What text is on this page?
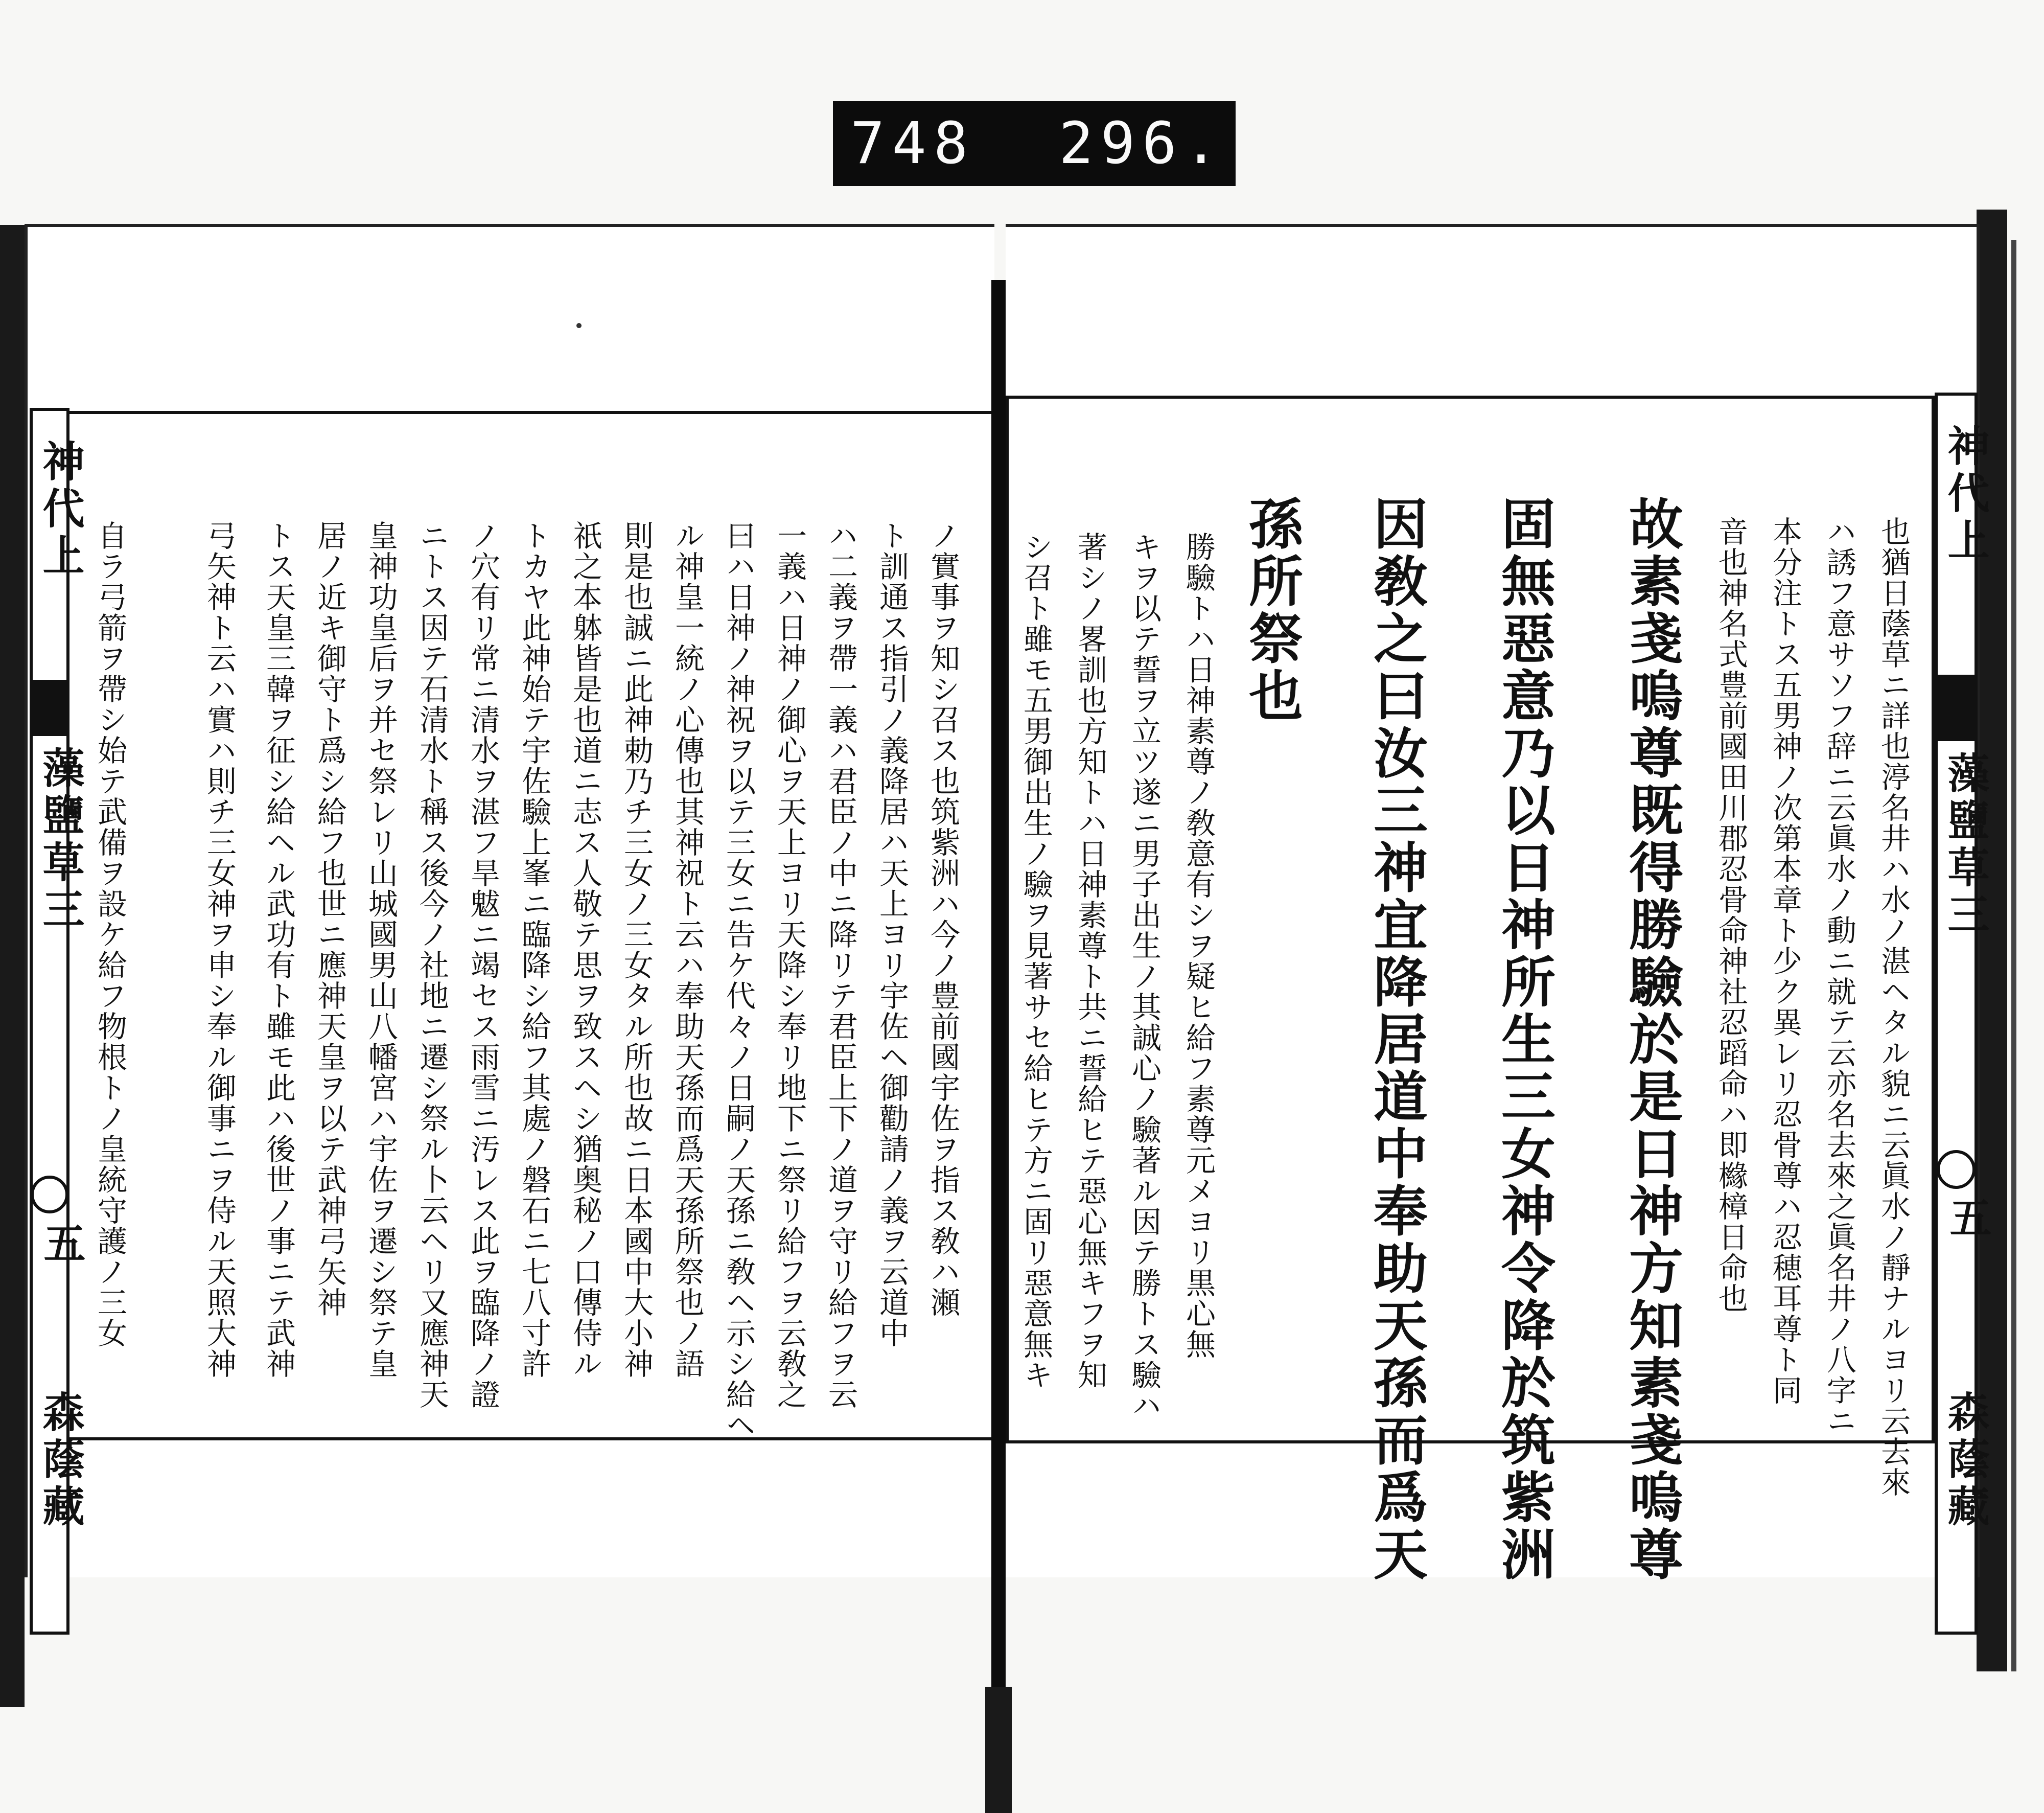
748 296.
神代上
藻鹽草三
五
森蔭藏
ノ實事ヲ知シ召ス也筑紫洲ハ今ノ豊前國宇佐ヲ指ス敎ハ瀬
ト訓通ス指引ノ義降居ハ天上ヨリ宇佐ヘ御勸請ノ義ヲ云道中
ハ二義ヲ帶一義ハ君臣ノ中ニ降リテ君臣上下ノ道ヲ守リ給フヲ云
一義ハ日神ノ御心ヲ天上ヨリ天降シ奉リ地下ニ祭リ給フヲ云敎之
曰ハ日神ノ神祝ヲ以テ三女ニ告ケ代々ノ日嗣ノ天孫ニ敎ヘ示シ給ヘ
ル神皇一統ノ心傳也其神祝ト云ハ奉助天孫而爲天孫所祭也ノ語
則是也誠ニ此神勅乃チ三女ノ三女タル所也故ニ日本國中大小神
祇之本躰皆是也道ニ志ス人敬テ思ヲ致スヘシ猶奥秘ノ口傳侍ル
トカヤ此神始テ宇佐驗上峯ニ臨降シ給フ其處ノ磐石ニ七八寸許
ノ穴有リ常ニ清水ヲ湛フ旱魃ニ竭セス雨雪ニ汚レス此ヲ臨降ノ證
ニトス因テ石清水ト稱ス後今ノ社地ニ遷シ祭ル卜云ヘリ又應神天
皇神功皇后ヲ并セ祭レリ山城國男山八幡宮ハ宇佐ヲ遷シ祭テ皇
居ノ近キ御守ト爲シ給フ也世ニ應神天皇ヲ以テ武神弓矢神
トス天皇三韓ヲ征シ給ヘル武功有ト雖モ此ハ後世ノ事ニテ武神
弓矢神ト云ハ實ハ則チ三女神ヲ申シ奉ル御事ニヲ侍ル天照大神
自ラ弓箭ヲ帶シ始テ武備ヲ設ケ給フ物根トノ皇統守護ノ三女
神代上
藻鹽草三
五
森蔭藏
也猶日蔭草ニ詳也渟名井ハ水ノ湛ヘタル貌ニ云眞水ノ靜ナルヨリ云去來
ハ誘フ意サソフ辞ニ云眞水ノ動ニ就テ云亦名去來之眞名井ノ八字ニ
本分注トス五男神ノ次第本章ト少ク異レリ忍骨尊ハ忍穂耳尊ト同
音也神名式豊前國田川郡忍骨命神社忍蹈命ハ即櫞樟日命也
故素戔嗚尊既得勝驗於是日神方知素戔嗚尊
固無惡意乃以日神所生三女神令降於筑紫洲
因敎之曰汝三神宜降居道中奉助天孫而爲天
孫所祭也
勝驗トハ日神素尊ノ敎意有シヲ疑ヒ給フ素尊元メヨリ黒心無
キヲ以テ誓ヲ立ツ遂ニ男子出生ノ其誠心ノ驗著ル因テ勝トス驗ハ
著シノ畧訓也方知トハ日神素尊ト共ニ誓給ヒテ惡心無キフヲ知
シ召ト雖モ五男御出生ノ驗ヲ見著サセ給ヒテ方ニ固リ惡意無キ
